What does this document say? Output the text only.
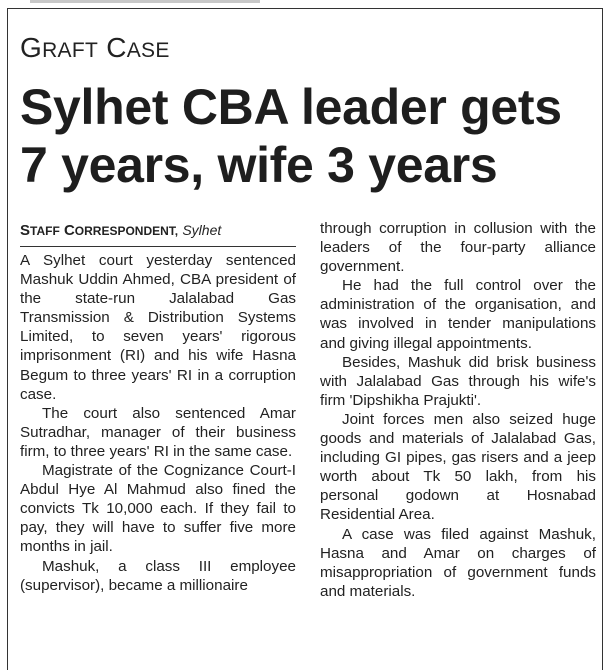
GRAFT CASE
Sylhet CBA leader gets
7 years, wife 3 years
STAFF CORRESPONDENT, Sylhet

A Sylhet court yesterday sentenced Mashuk Uddin Ahmed, CBA president of the state-run Jalalabad Gas Transmission & Distribution Systems Limited, to seven years' rigorous imprisonment (RI) and his wife Hasna Begum to three years' RI in a corruption case.

The court also sentenced Amar Sutradhar, manager of their business firm, to three years' RI in the same case.

Magistrate of the Cognizance Court-I Abdul Hye Al Mahmud also fined the convicts Tk 10,000 each. If they fail to pay, they will have to suffer five more months in jail.

Mashuk, a class III employee (supervisor), became a millionaire

through corruption in collusion with the leaders of the four-party alliance government.

He had the full control over the administration of the organisation, and was involved in tender manipulations and giving illegal appointments.

Besides, Mashuk did brisk business with Jalalabad Gas through his wife's firm 'Dipshikha Prajukti'.

Joint forces men also seized huge goods and materials of Jalalabad Gas, including GI pipes, gas risers and a jeep worth about Tk 50 lakh, from his personal godown at Hosnabad Residential Area.

A case was filed against Mashuk, Hasna and Amar on charges of misappropriation of government funds and materials.
